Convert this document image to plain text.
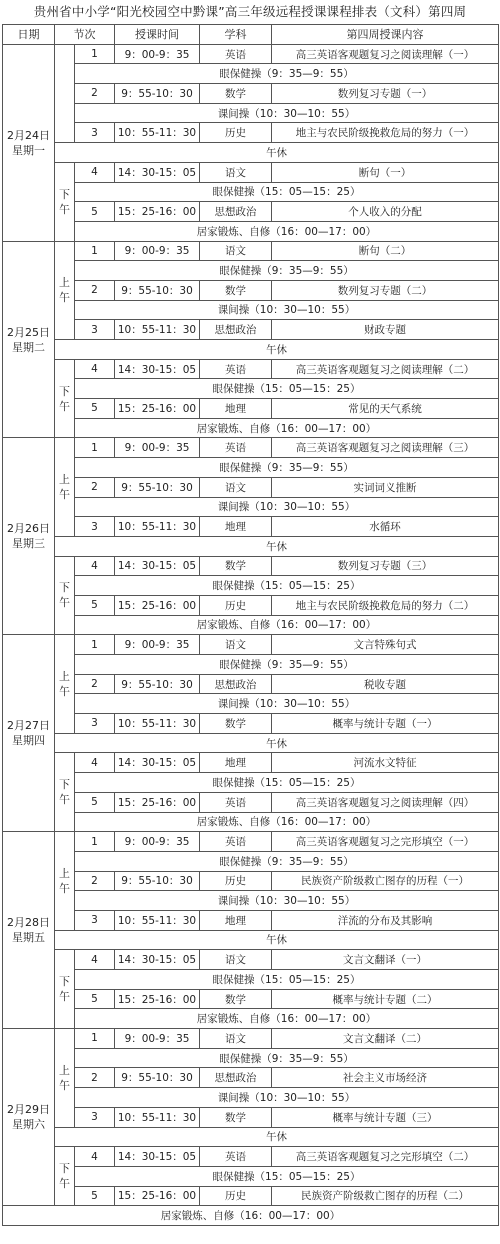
贵州省中小学“阳光校园空中黔课”高三年级远程授课课程排表（文科）第四周
日期	节次		授课时间	学科	第四周授课内容

2月24日
星期一		1	9：00-9：35	英语	高三英语客观题复习之阅读理解（一）
		眼保健操（9：35—9：55）			
		2	9：55-10：30	数学	数列复习专题（一）
		课间操（10：30—10：55）			
		3	10：55-11：30	历史	地主与农民阶级挽救危局的努力（一）
	午休				
	下午	4	14：30-15：05	语文	断句（一）
		眼保健操（15：05—15：25）			
		5	15：25-16：00	思想政治	个人收入的分配
		居家锻炼、自修（16：00—17：00）			

2月25日
星期二	上午	1	9：00-9：35	语文	断句（二）
		眼保健操（9：35—9：55）			
		2	9：55-10：30	数学	数列复习专题（二）
		课间操（10：30—10：55）			
		3	10：55-11：30	思想政治	财政专题
	午休				
	下午	4	14：30-15：05	英语	高三英语客观题复习之阅读理解（二）
		眼保健操（15：05—15：25）			
		5	15：25-16：00	地理	常见的天气系统
		居家锻炼、自修（16：00—17：00）			

2月26日
星期三	上午	1	9：00-9：35	英语	高三英语客观题复习之阅读理解（三）
		眼保健操（9：35—9：55）			
		2	9：55-10：30	语文	实词词义推断
		课间操（10：30—10：55）			
		3	10：55-11：30	地理	水循环
	午休				
	下午	4	14：30-15：05	数学	数列复习专题（三）
		眼保健操（15：05—15：25）			
		5	15：25-16：00	历史	地主与农民阶级挽救危局的努力（二）
		居家锻炼、自修（16：00—17：00）			

2月27日
星期四	上午	1	9：00-9：35	语文	文言特殊句式
		眼保健操（9：35—9：55）			
		2	9：55-10：30	思想政治	税收专题
		课间操（10：30—10：55）			
		3	10：55-11：30	数学	概率与统计专题（一）
	午休				
	下午	4	14：30-15：05	地理	河流水文特征
		眼保健操（15：05—15：25）			
		5	15：25-16：00	英语	高三英语客观题复习之阅读理解（四）
		居家锻炼、自修（16：00—17：00）			

2月28日
星期五	上午	1	9：00-9：35	英语	高三英语客观题复习之完形填空（一）
		眼保健操（9：35—9：55）			
		2	9：55-10：30	历史	民族资产阶级救亡图存的历程（一）
		课间操（10：30—10：55）			
		3	10：55-11：30	地理	洋流的分布及其影响
	午休				
	下午	4	14：30-15：05	语文	文言文翻译（一）
		眼保健操（15：05—15：25）			
		5	15：25-16：00	数学	概率与统计专题（二）
		居家锻炼、自修（16：00—17：00）			

2月29日
星期六	上午	1	9：00-9：35	语文	文言文翻译（二）
		眼保健操（9：35—9：55）			
		2	9：55-10：30	思想政治	社会主义市场经济
		课间操（10：30—10：55）			
		3	10：55-11：30	数学	概率与统计专题（三）
	午休				
	下午	4	14：30-15：05	英语	高三英语客观题复习之完形填空（二）
		眼保健操（15：05—15：25）			
		5	15：25-16：00	历史	民族资产阶级救亡图存的历程（二）
居家锻炼、自修（16：00—17：00）					
